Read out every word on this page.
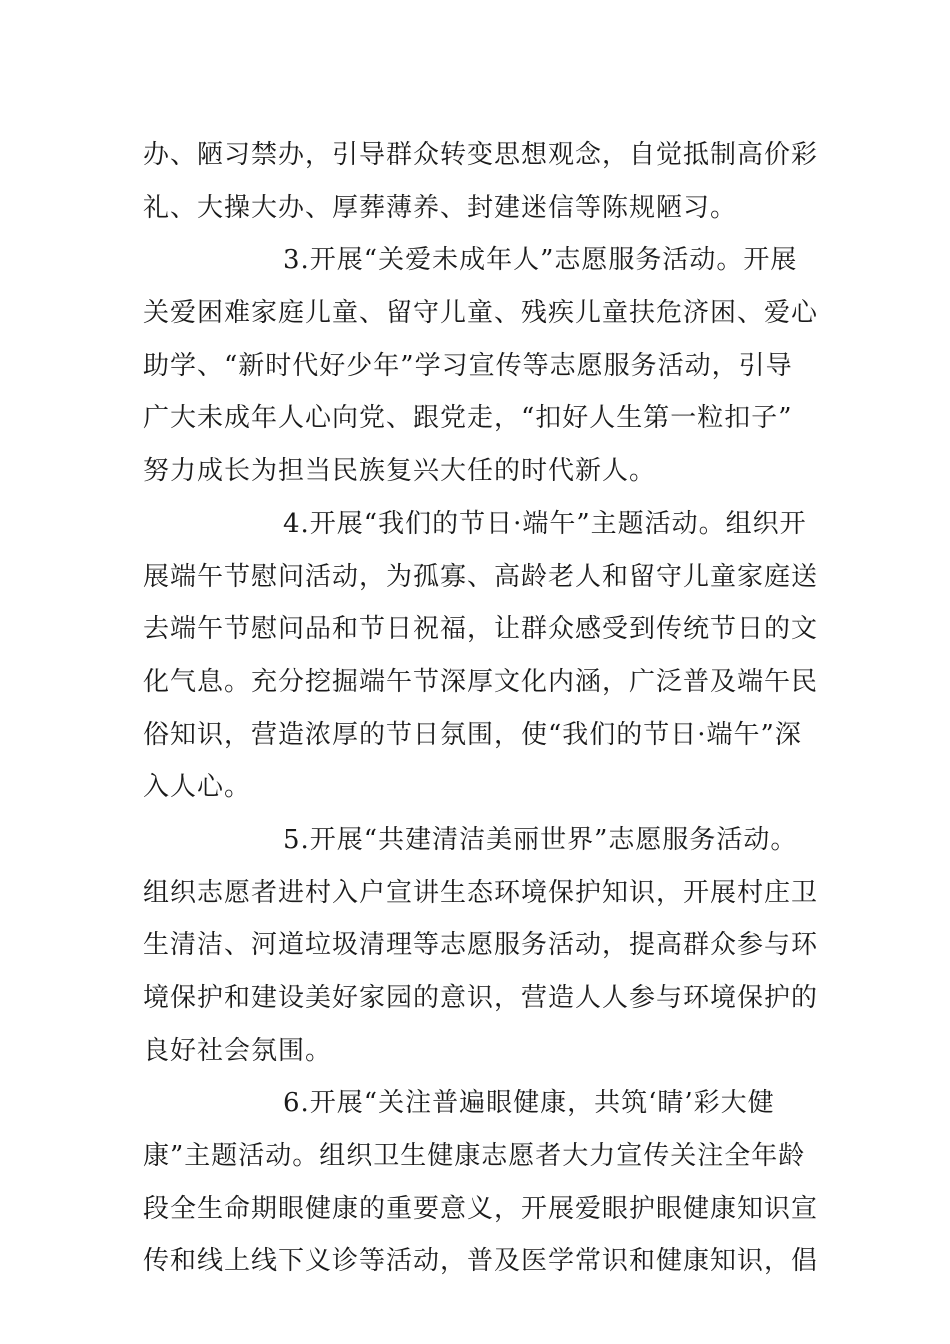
办、陋习禁办，引导群众转变思想观念，自觉抵制高价彩
礼、大操大办、厚葬薄养、封建迷信等陈规陋习。
3.开展“关爱未成年人”志愿服务活动。开展
关爱困难家庭儿童、留守儿童、残疾儿童扶危济困、爱心
助学、“新时代好少年”学习宣传等志愿服务活动，引导
广大未成年人心向党、跟党走，“扣好人生第一粒扣子”
努力成长为担当民族复兴大任的时代新人。
4.开展“我们的节日·端午”主题活动。组织开
展端午节慰问活动，为孤寡、高龄老人和留守儿童家庭送
去端午节慰问品和节日祝福，让群众感受到传统节日的文
化气息。充分挖掘端午节深厚文化内涵，广泛普及端午民
俗知识，营造浓厚的节日氛围，使“我们的节日·端午”深
入人心。
5.开展“共建清洁美丽世界”志愿服务活动。
组织志愿者进村入户宣讲生态环境保护知识，开展村庄卫
生清洁、河道垃圾清理等志愿服务活动，提高群众参与环
境保护和建设美好家园的意识，营造人人参与环境保护的
良好社会氛围。
6.开展“关注普遍眼健康，共筑‘睛’彩大健
康”主题活动。组织卫生健康志愿者大力宣传关注全年龄
段全生命期眼健康的重要意义，开展爱眼护眼健康知识宣
传和线上线下义诊等活动，普及医学常识和健康知识，倡
